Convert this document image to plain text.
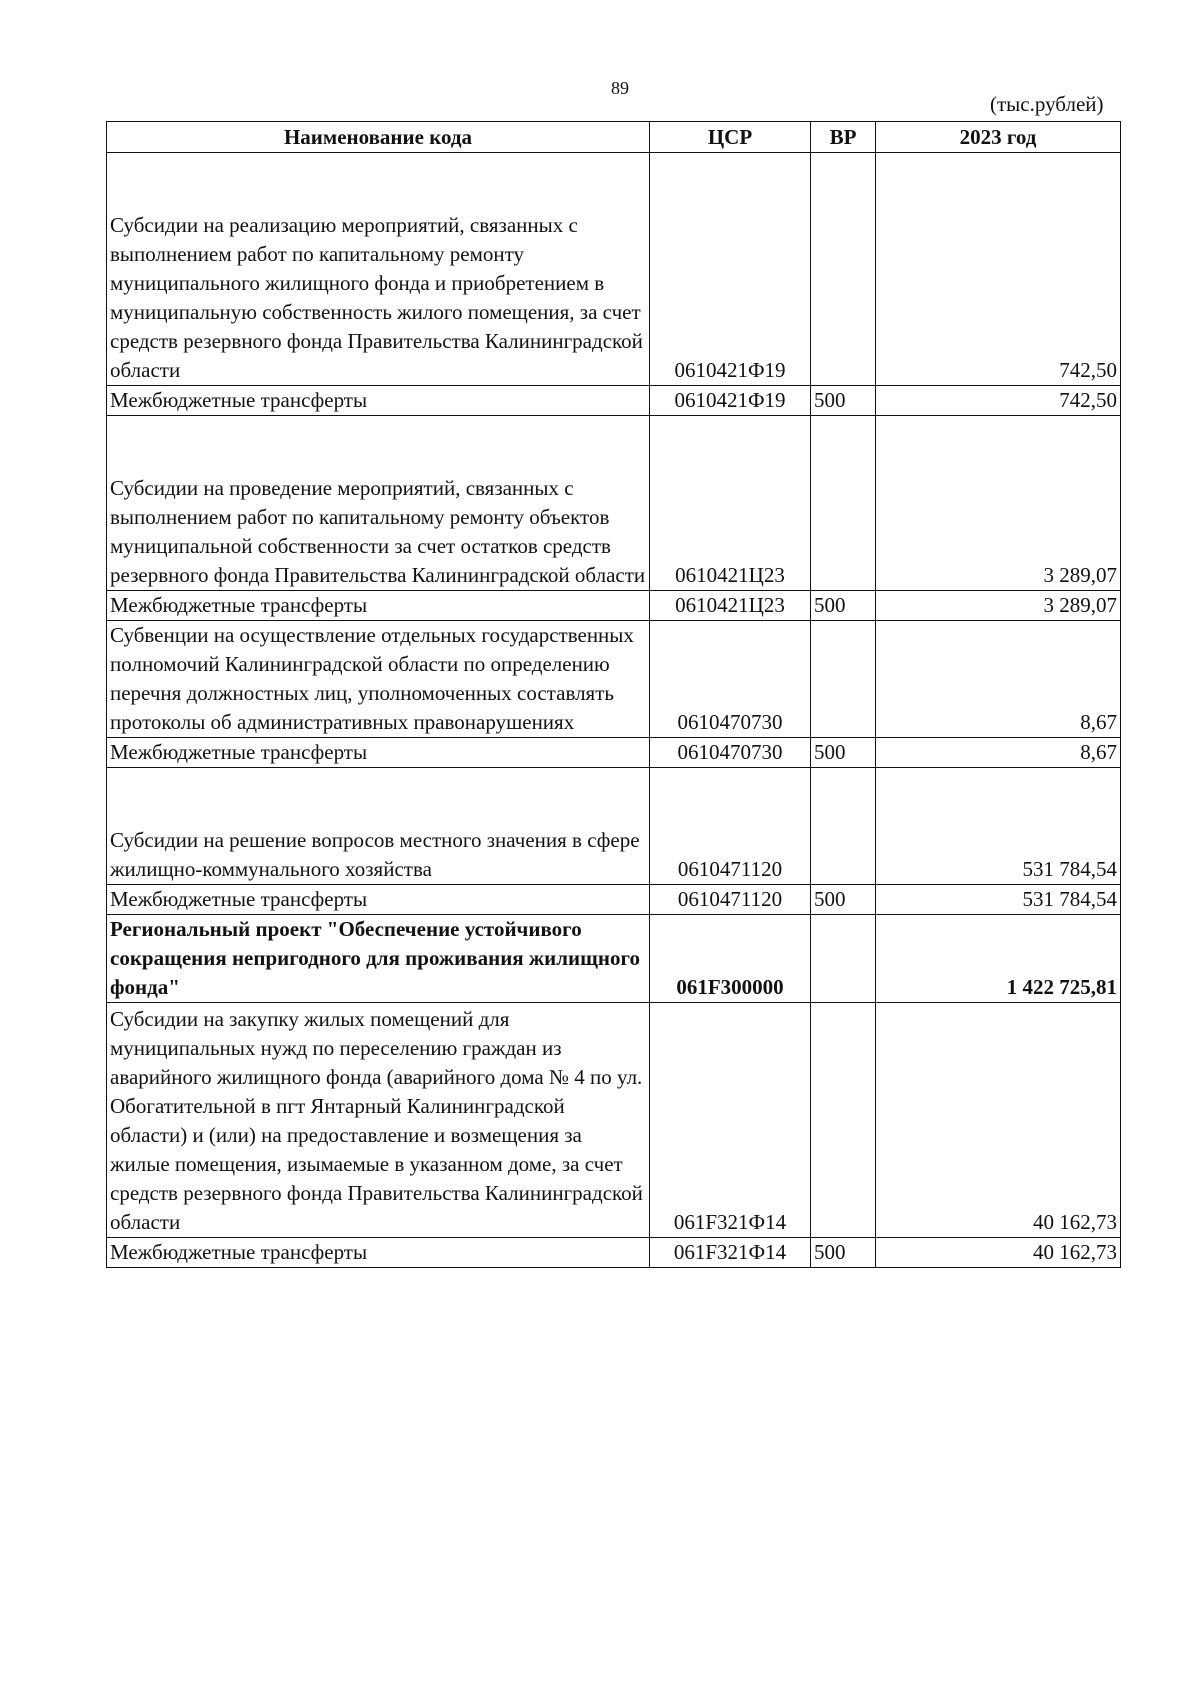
89
(тыс.рублей)
Наименование кода	ЦСР	ВР	2023 год

Субсидии на реализацию мероприятий, связанных с выполнением работ по капитальному ремонту муниципального жилищного фонда и приобретением в муниципальную собственность жилого помещения, за счет средств резервного фонда Правительства Калининградской области	0610421Ф19		742,50
Межбюджетные трансферты	0610421Ф19	500	742,50

Субсидии на проведение мероприятий, связанных с выполнением работ по капитальному ремонту объектов муниципальной собственности за счет остатков средств резервного фонда Правительства Калининградской области	0610421Ц23		3 289,07
Межбюджетные трансферты	0610421Ц23	500	3 289,07
Субвенции на осуществление отдельных государственных полномочий Калининградской области по определению перечня должностных лиц, уполномоченных составлять протоколы об административных правонарушениях	0610470730		8,67
Межбюджетные трансферты	0610470730	500	8,67

Субсидии на решение вопросов местного значения в сфере жилищно-коммунального хозяйства	0610471120		531 784,54
Межбюджетные трансферты	0610471120	500	531 784,54
Региональный проект "Обеспечение устойчивого сокращения непригодного для проживания жилищного фонда"	061F300000		1 422 725,81

Субсидии на закупку жилых помещений для муниципальных нужд по переселению граждан из аварийного жилищного фонда (аварийного дома № 4 по ул. Обогатительной в пгт Янтарный Калининградской области) и (или) на предоставление и возмещения за жилые помещения, изымаемые в указанном доме, за счет средств резервного фонда Правительства Калининградской области	061F321Ф14		40 162,73
Межбюджетные трансферты	061F321Ф14	500	40 162,73
